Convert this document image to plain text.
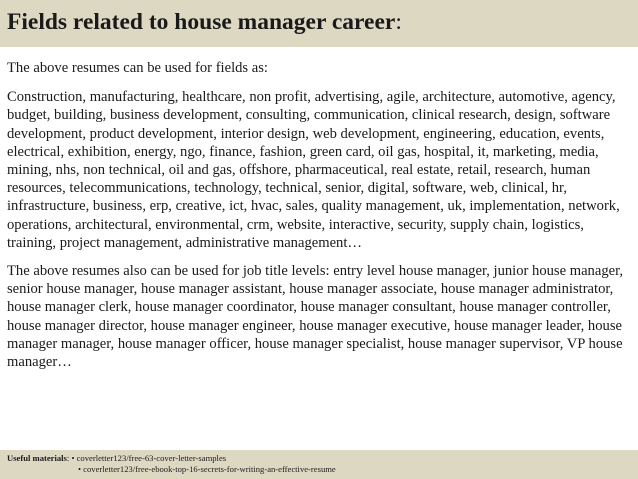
Fields related to house manager career:

The above resumes can be used for fields as:

Construction, manufacturing, healthcare, non profit, advertising, agile, architecture, automotive, agency, budget, building, business development, consulting, communication, clinical research, design, software development, product development, interior design, web development, engineering, education, events, electrical, exhibition, energy, ngo, finance, fashion, green card, oil gas, hospital, it, marketing, media, mining, nhs, non technical, oil and gas, offshore, pharmaceutical, real estate, retail, research, human resources, telecommunications, technology, technical, senior, digital, software, web, clinical, hr, infrastructure, business, erp, creative, ict, hvac, sales, quality management, uk, implementation, network, operations, architectural, environmental, crm, website, interactive, security, supply chain, logistics, training, project management, administrative management…

The above resumes also can be used for job title levels: entry level house manager, junior house manager, senior house manager, house manager assistant, house manager associate, house manager administrator, house manager clerk, house manager coordinator, house manager consultant, house manager controller, house manager director, house manager engineer, house manager executive, house manager leader, house manager manager, house manager officer, house manager specialist, house manager supervisor, VP house manager…

Useful materials: • coverletter123/free-63-cover-letter-samples
• coverletter123/free-ebook-top-16-secrets-for-writing-an-effective-resume
